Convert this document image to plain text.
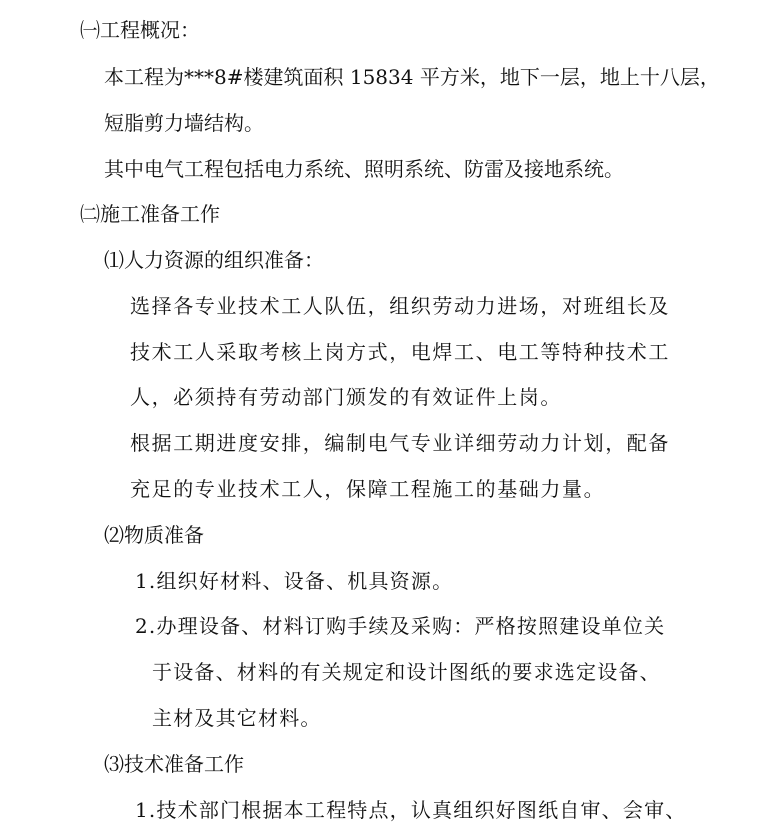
㈠工程概况：
本工程为***8#楼建筑面积 15834 平方米，地下一层，地上十八层，
短脂剪力墙结构。
其中电气工程包括电力系统、照明系统、防雷及接地系统。
㈡施工准备工作
⑴人力资源的组织准备：
选择各专业技术工人队伍，组织劳动力进场，对班组长及
技术工人采取考核上岗方式，电焊工、电工等特种技术工
人，必须持有劳动部门颁发的有效证件上岗。
根据工期进度安排，编制电气专业详细劳动力计划，配备
充足的专业技术工人，保障工程施工的基础力量。
⑵物质准备
1.组织好材料、设备、机具资源。
2.办理设备、材料订购手续及采购：严格按照建设单位关
于设备、材料的有关规定和设计图纸的要求选定设备、
主材及其它材料。
⑶技术准备工作
1.技术部门根据本工程特点，认真组织好图纸自审、会审、
